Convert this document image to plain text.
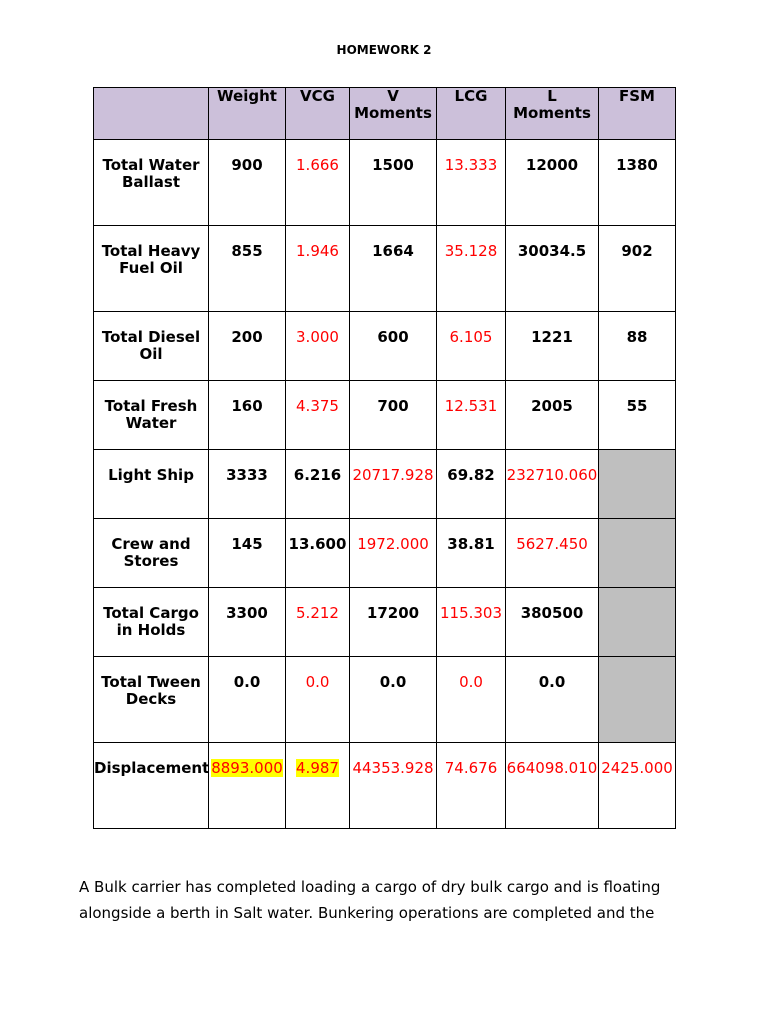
HOMEWORK 2
	Weight	VCG	V Moments	LCG	L Moments	FSM
Total Water Ballast	900	1.666	1500	13.333	12000	1380
Total Heavy Fuel Oil	855	1.946	1664	35.128	30034.5	902
Total Diesel Oil	200	3.000	600	6.105	1221	88
Total Fresh Water	160	4.375	700	12.531	2005	55
Light Ship	3333	6.216	20717.928	69.82	232710.060	
Crew and Stores	145	13.600	1972.000	38.81	5627.450	
Total Cargo in Holds	3300	5.212	17200	115.303	380500	
Total Tween Decks	0.0	0.0	0.0	0.0	0.0	
Displacement	8893.000	4.987	44353.928	74.676	664098.010	2425.000
A Bulk carrier has completed loading a cargo of dry bulk cargo and is floating alongside a berth in Salt water. Bunkering operations are completed and the
